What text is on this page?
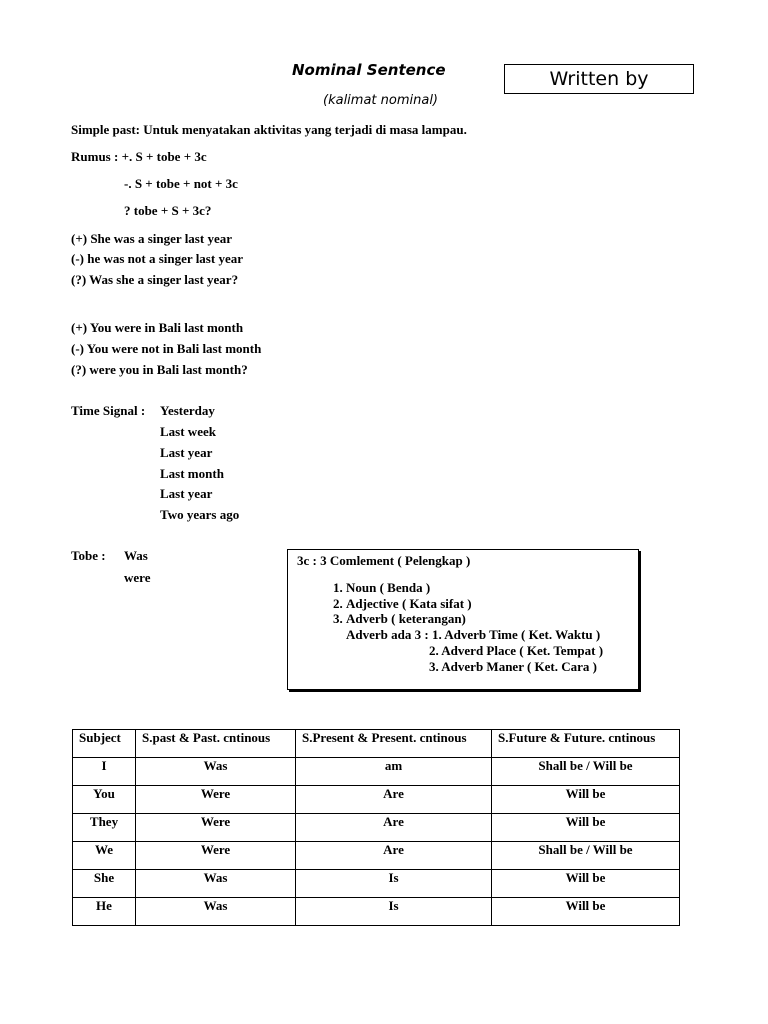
Nominal Sentence
(kalimat nominal)
Written by
Simple past: Untuk menyatakan aktivitas yang terjadi di masa lampau.
Rumus : +. S + tobe + 3c
-. S + tobe + not + 3c
? tobe + S + 3c?
(+) She was a singer last year
(-) he was not a singer last year
(?) Was she a singer last year?
(+) You were in Bali last month
(-) You were not in Bali last month
(?) were you in Bali last month?
Time Signal : Yesterday
Last week
Last year
Last month
Last year
Two years ago
Tobe : Was
were
3c : 3 Comlement ( Pelengkap )
1. Noun ( Benda )
2. Adjective ( Kata sifat )
3. Adverb ( keterangan)
Adverb ada 3 : 1. Adverb Time ( Ket. Waktu )
2. Adverd Place ( Ket. Tempat )
3. Adverb Maner ( Ket. Cara )
Subject	S.past & Past. cntinous	S.Present & Present. cntinous	S.Future & Future. cntinous

I	Was	am	Shall be / Will be

You	Were	Are	Will be

They	Were	Are	Will be

We	Were	Are	Shall be / Will be

She	Was	Is	Will be

He	Was	Is	Will be
